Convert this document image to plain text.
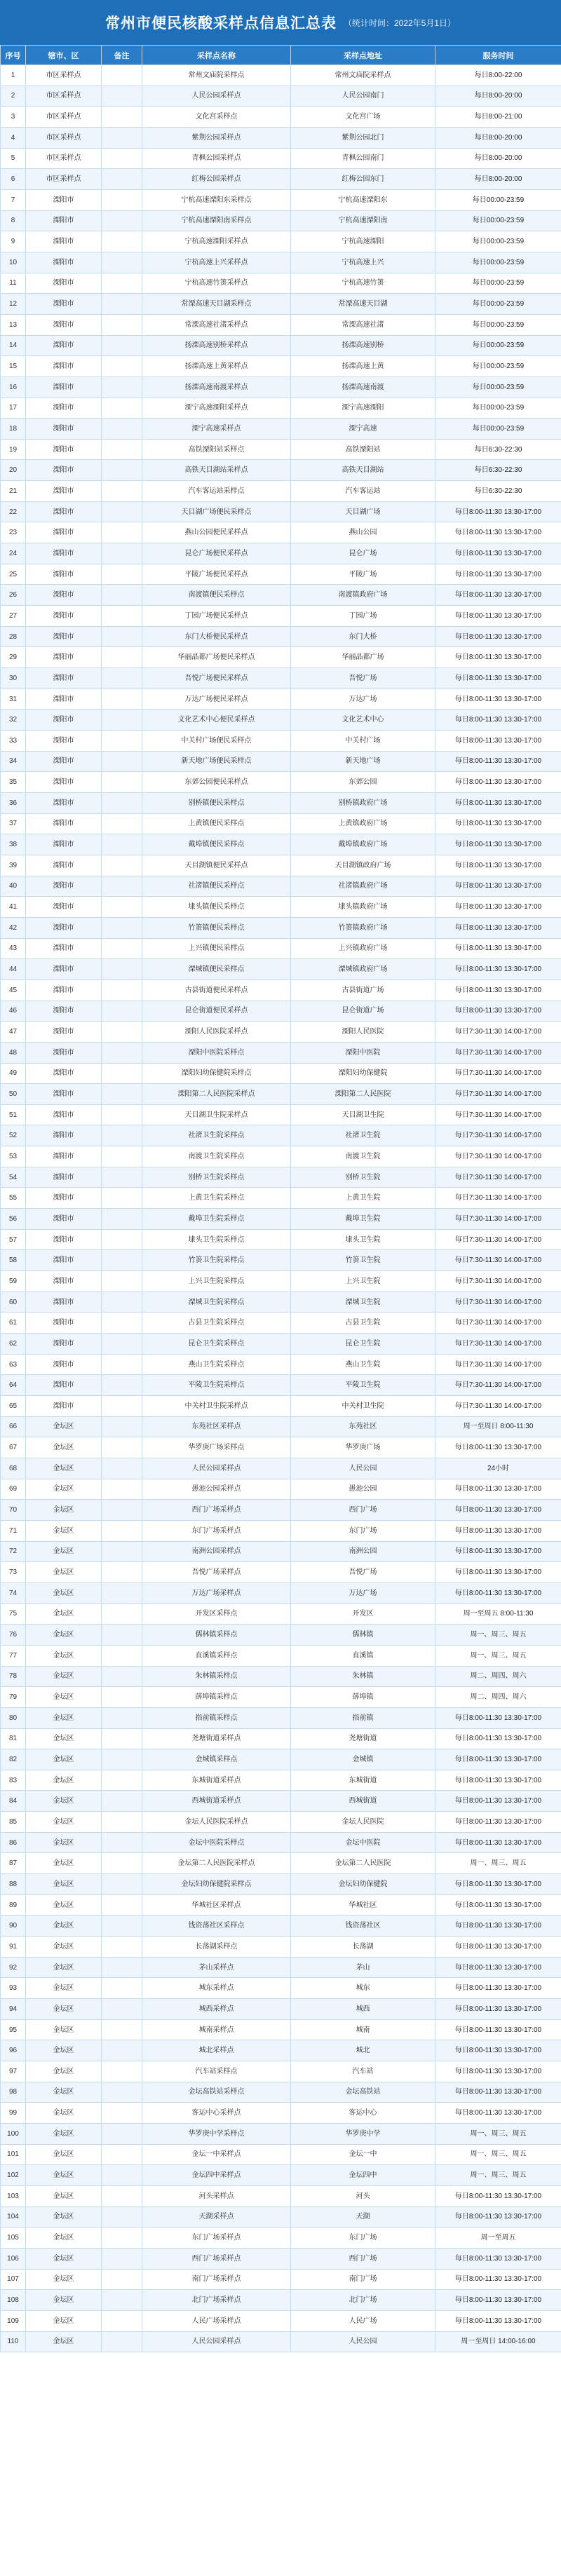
常州市便民核酸采样点信息汇总表 （统计时间：2022年5月1日）
序号	辖市、区	备注	采样点名称	采样点地址	服务时间
1	市区采样点		常州文庙院采样点	常州文庙院采样点	每日8:00-22:00
2	市区采样点		人民公园采样点	人民公园南门	每日8:00-20:00
3	市区采样点		文化宫采样点	文化宫广场	每日8:00-21:00
4	市区采样点		紫荆公园采样点	紫荆公园北门	每日8:00-20:00
5	市区采样点		青枫公园采样点	青枫公园南门	每日8:00-20:00
6	市区采样点		红梅公园采样点	红梅公园东门	每日8:00-20:00
7	溧阳市		宁杭高速溧阳东采样点	宁杭高速溧阳东	每日00:00-23:59
8	溧阳市		宁杭高速溧阳南采样点	宁杭高速溧阳南	每日00:00-23:59
9	溧阳市		宁杭高速溧阳采样点	宁杭高速溧阳	每日00:00-23:59
10	溧阳市		宁杭高速上兴采样点	宁杭高速上兴	每日00:00-23:59
11	溧阳市		宁杭高速竹箦采样点	宁杭高速竹箦	每日00:00-23:59
12	溧阳市		常溧高速天目湖采样点	常溧高速天目湖	每日00:00-23:59
13	溧阳市		常溧高速社渚采样点	常溧高速社渚	每日00:00-23:59
14	溧阳市		扬溧高速别桥采样点	扬溧高速别桥	每日00:00-23:59
15	溧阳市		扬溧高速上黄采样点	扬溧高速上黄	每日00:00-23:59
16	溧阳市		扬溧高速南渡采样点	扬溧高速南渡	每日00:00-23:59
17	溧阳市		溧宁高速溧阳采样点	溧宁高速溧阳	每日00:00-23:59
18	溧阳市		溧宁高速采样点	溧宁高速	每日00:00-23:59
19	溧阳市		高铁溧阳站采样点	高铁溧阳站	每日6:30-22:30
20	溧阳市		高铁天目湖站采样点	高铁天目湖站	每日6:30-22:30
21	溧阳市		汽车客运站采样点	汽车客运站	每日6:30-22:30
22	溧阳市		天目湖广场便民采样点	天目湖广场	每日8:00-11:30 13:30-17:00
23	溧阳市		燕山公园便民采样点	燕山公园	每日8:00-11:30 13:30-17:00
24	溧阳市		昆仑广场便民采样点	昆仑广场	每日8:00-11:30 13:30-17:00
25	溧阳市		平陵广场便民采样点	平陵广场	每日8:00-11:30 13:30-17:00
26	溧阳市		南渡镇便民采样点	南渡镇政府广场	每日8:00-11:30 13:30-17:00
27	溧阳市		丁园广场便民采样点	丁园广场	每日8:00-11:30 13:30-17:00
28	溧阳市		东门大桥便民采样点	东门大桥	每日8:00-11:30 13:30-17:00
29	溧阳市		华丽晶都广场便民采样点	华丽晶都广场	每日8:00-11:30 13:30-17:00
30	溧阳市		吾悦广场便民采样点	吾悦广场	每日8:00-11:30 13:30-17:00
31	溧阳市		万达广场便民采样点	万达广场	每日8:00-11:30 13:30-17:00
32	溧阳市		文化艺术中心便民采样点	文化艺术中心	每日8:00-11:30 13:30-17:00
33	溧阳市		中关村广场便民采样点	中关村广场	每日8:00-11:30 13:30-17:00
34	溧阳市		新天地广场便民采样点	新天地广场	每日8:00-11:30 13:30-17:00
35	溧阳市		东郊公园便民采样点	东郊公园	每日8:00-11:30 13:30-17:00
36	溧阳市		别桥镇便民采样点	别桥镇政府广场	每日8:00-11:30 13:30-17:00
37	溧阳市		上黄镇便民采样点	上黄镇政府广场	每日8:00-11:30 13:30-17:00
38	溧阳市		戴埠镇便民采样点	戴埠镇政府广场	每日8:00-11:30 13:30-17:00
39	溧阳市		天目湖镇便民采样点	天目湖镇政府广场	每日8:00-11:30 13:30-17:00
40	溧阳市		社渚镇便民采样点	社渚镇政府广场	每日8:00-11:30 13:30-17:00
41	溧阳市		埭头镇便民采样点	埭头镇政府广场	每日8:00-11:30 13:30-17:00
42	溧阳市		竹箦镇便民采样点	竹箦镇政府广场	每日8:00-11:30 13:30-17:00
43	溧阳市		上兴镇便民采样点	上兴镇政府广场	每日8:00-11:30 13:30-17:00
44	溧阳市		溧城镇便民采样点	溧城镇政府广场	每日8:00-11:30 13:30-17:00
45	溧阳市		古县街道便民采样点	古县街道广场	每日8:00-11:30 13:30-17:00
46	溧阳市		昆仑街道便民采样点	昆仑街道广场	每日8:00-11:30 13:30-17:00
47	溧阳市		溧阳人民医院采样点	溧阳人民医院	每日7:30-11:30 14:00-17:00
48	溧阳市		溧阳中医院采样点	溧阳中医院	每日7:30-11:30 14:00-17:00
49	溧阳市		溧阳妇幼保健院采样点	溧阳妇幼保健院	每日7:30-11:30 14:00-17:00
50	溧阳市		溧阳第二人民医院采样点	溧阳第二人民医院	每日7:30-11:30 14:00-17:00
51	溧阳市		天目湖卫生院采样点	天目湖卫生院	每日7:30-11:30 14:00-17:00
52	溧阳市		社渚卫生院采样点	社渚卫生院	每日7:30-11:30 14:00-17:00
53	溧阳市		南渡卫生院采样点	南渡卫生院	每日7:30-11:30 14:00-17:00
54	溧阳市		别桥卫生院采样点	别桥卫生院	每日7:30-11:30 14:00-17:00
55	溧阳市		上黄卫生院采样点	上黄卫生院	每日7:30-11:30 14:00-17:00
56	溧阳市		戴埠卫生院采样点	戴埠卫生院	每日7:30-11:30 14:00-17:00
57	溧阳市		埭头卫生院采样点	埭头卫生院	每日7:30-11:30 14:00-17:00
58	溧阳市		竹箦卫生院采样点	竹箦卫生院	每日7:30-11:30 14:00-17:00
59	溧阳市		上兴卫生院采样点	上兴卫生院	每日7:30-11:30 14:00-17:00
60	溧阳市		溧城卫生院采样点	溧城卫生院	每日7:30-11:30 14:00-17:00
61	溧阳市		古县卫生院采样点	古县卫生院	每日7:30-11:30 14:00-17:00
62	溧阳市		昆仑卫生院采样点	昆仑卫生院	每日7:30-11:30 14:00-17:00
63	溧阳市		燕山卫生院采样点	燕山卫生院	每日7:30-11:30 14:00-17:00
64	溧阳市		平陵卫生院采样点	平陵卫生院	每日7:30-11:30 14:00-17:00
65	溧阳市		中关村卫生院采样点	中关村卫生院	每日7:30-11:30 14:00-17:00
66	金坛区		东苑社区采样点	东苑社区	周一至周日 8:00-11:30
67	金坛区		华罗庚广场采样点	华罗庚广场	每日8:00-11:30 13:30-17:00
68	金坛区		人民公园采样点	人民公园	24小时
69	金坛区		愚池公园采样点	愚池公园	每日8:00-11:30 13:30-17:00
70	金坛区		西门广场采样点	西门广场	每日8:00-11:30 13:30-17:00
71	金坛区		东门广场采样点	东门广场	每日8:00-11:30 13:30-17:00
72	金坛区		南洲公园采样点	南洲公园	每日8:00-11:30 13:30-17:00
73	金坛区		吾悦广场采样点	吾悦广场	每日8:00-11:30 13:30-17:00
74	金坛区		万达广场采样点	万达广场	每日8:00-11:30 13:30-17:00
75	金坛区		开发区采样点	开发区	周一至周五 8:00-11:30
76	金坛区		儒林镇采样点	儒林镇	周一、周三、周五
77	金坛区		直溪镇采样点	直溪镇	周一、周三、周五
78	金坛区		朱林镇采样点	朱林镇	周二、周四、周六
79	金坛区		薛埠镇采样点	薛埠镇	周二、周四、周六
80	金坛区		指前镇采样点	指前镇	每日8:00-11:30 13:30-17:00
81	金坛区		尧塘街道采样点	尧塘街道	每日8:00-11:30 13:30-17:00
82	金坛区		金城镇采样点	金城镇	每日8:00-11:30 13:30-17:00
83	金坛区		东城街道采样点	东城街道	每日8:00-11:30 13:30-17:00
84	金坛区		西城街道采样点	西城街道	每日8:00-11:30 13:30-17:00
85	金坛区		金坛人民医院采样点	金坛人民医院	每日8:00-11:30 13:30-17:00
86	金坛区		金坛中医院采样点	金坛中医院	每日8:00-11:30 13:30-17:00
87	金坛区		金坛第二人民医院采样点	金坛第二人民医院	周一、周三、周五
88	金坛区		金坛妇幼保健院采样点	金坛妇幼保健院	每日8:00-11:30 13:30-17:00
89	金坛区		华城社区采样点	华城社区	每日8:00-11:30 13:30-17:00
90	金坛区		钱资荡社区采样点	钱资荡社区	每日8:00-11:30 13:30-17:00
91	金坛区		长荡湖采样点	长荡湖	每日8:00-11:30 13:30-17:00
92	金坛区		茅山采样点	茅山	每日8:00-11:30 13:30-17:00
93	金坛区		城东采样点	城东	每日8:00-11:30 13:30-17:00
94	金坛区		城西采样点	城西	每日8:00-11:30 13:30-17:00
95	金坛区		城南采样点	城南	每日8:00-11:30 13:30-17:00
96	金坛区		城北采样点	城北	每日8:00-11:30 13:30-17:00
97	金坛区		汽车站采样点	汽车站	每日8:00-11:30 13:30-17:00
98	金坛区		金坛高铁站采样点	金坛高铁站	每日8:00-11:30 13:30-17:00
99	金坛区		客运中心采样点	客运中心	每日8:00-11:30 13:30-17:00
100	金坛区		华罗庚中学采样点	华罗庚中学	周一、周三、周五
101	金坛区		金坛一中采样点	金坛一中	周一、周三、周五
102	金坛区		金坛四中采样点	金坛四中	周一、周三、周五
103	金坛区		河头采样点	河头	每日8:00-11:30 13:30-17:00
104	金坛区		天湖采样点	天湖	每日8:00-11:30 13:30-17:00
105	金坛区		东门广场采样点	东门广场	周一至周五
106	金坛区		西门广场采样点	西门广场	每日8:00-11:30 13:30-17:00
107	金坛区		南门广场采样点	南门广场	每日8:00-11:30 13:30-17:00
108	金坛区		北门广场采样点	北门广场	每日8:00-11:30 13:30-17:00
109	金坛区		人民广场采样点	人民广场	每日8:00-11:30 13:30-17:00
110	金坛区		人民公园采样点	人民公园	周一至周日 14:00-16:00
